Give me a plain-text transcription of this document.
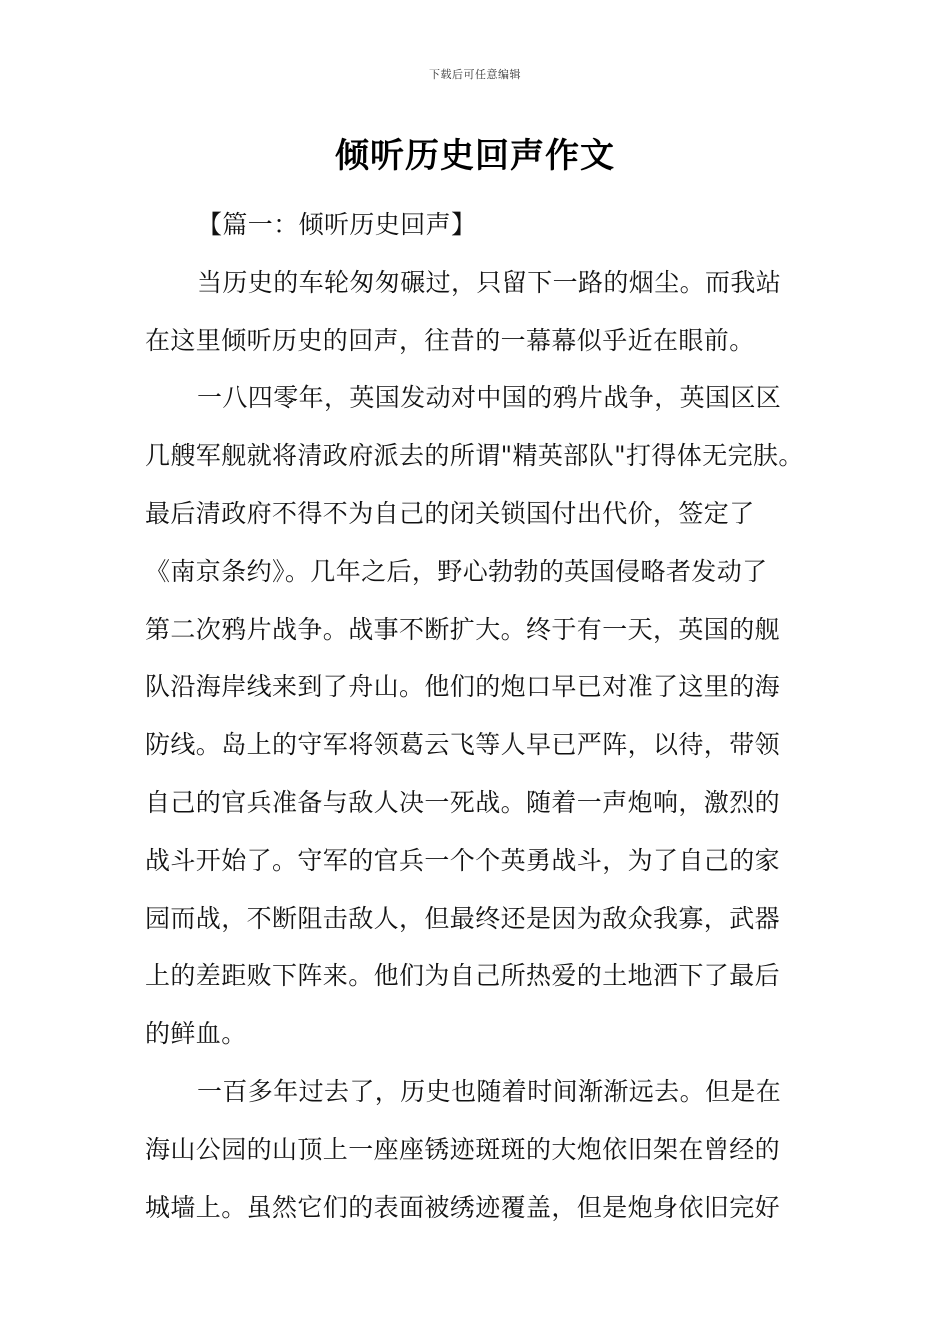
下载后可任意编辑
倾听历史回声作文
【篇一：倾听历史回声】
当历史的车轮匆匆碾过，只留下一路的烟尘。而我站
在这里倾听历史的回声，往昔的一幕幕似乎近在眼前。
一八四零年，英国发动对中国的鸦片战争，英国区区
几艘军舰就将清政府派去的所谓"精英部队"打得体无完肤。
最后清政府不得不为自己的闭关锁国付出代价，签定了
《南京条约》。几年之后，野心勃勃的英国侵略者发动了
第二次鸦片战争。战事不断扩大。终于有一天，英国的舰
队沿海岸线来到了舟山。他们的炮口早已对准了这里的海
防线。岛上的守军将领葛云飞等人早已严阵，以待，带领
自己的官兵准备与敌人决一死战。随着一声炮响，激烈的
战斗开始了。守军的官兵一个个英勇战斗，为了自己的家
园而战，不断阻击敌人，但最终还是因为敌众我寡，武器
上的差距败下阵来。他们为自己所热爱的土地洒下了最后
的鲜血。
一百多年过去了，历史也随着时间渐渐远去。但是在
海山公园的山顶上一座座锈迹斑斑的大炮依旧架在曾经的
城墙上。虽然它们的表面被绣迹覆盖，但是炮身依旧完好
